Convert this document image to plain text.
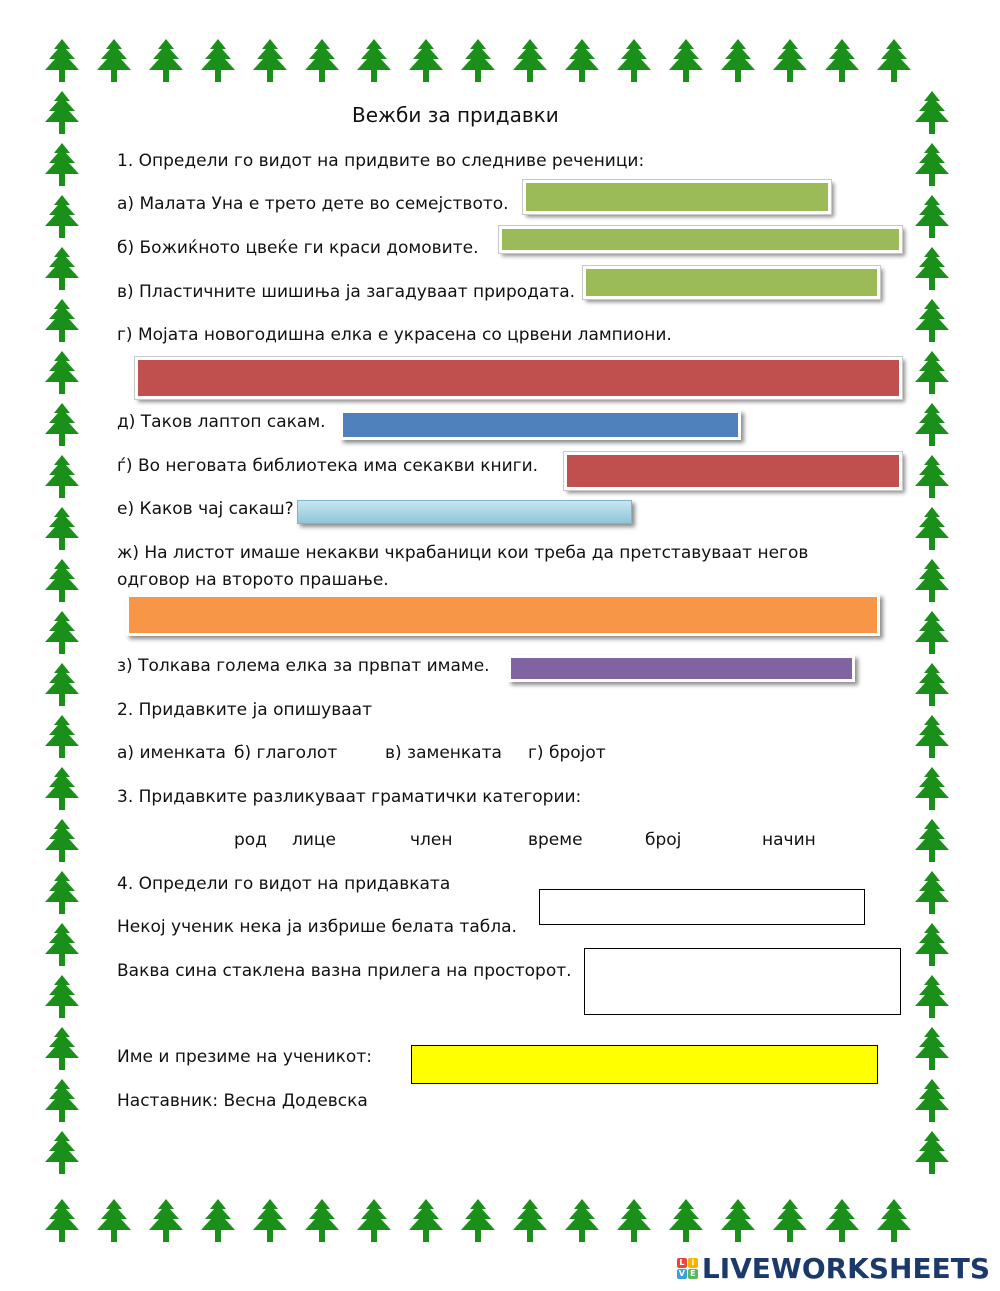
Вежби за придавки
1. Определи го видот на придвите во следниве реченици:
а) Малата Уна е трето дете во семејството.
б) Божиќното цвеќе ги краси домовите.
в) Пластичните шишиња ја загадуваат природата.
г) Мојата новогодишна елка е украсена со црвени лампиони.
д) Таков лаптоп сакам.
ѓ) Во неговата библиотека има секакви книги.
е) Каков чај сакаш?
ж) На листот имаше некакви чкрабаници кои треба да претставуваат негов
одговор на второто прашање.
з) Толкава голема елка за првпат имаме.
2. Придавките ја опишуваат
а) именката б) глаголот	в) заменката г) бројот
3. Придавките разликуваат граматички категории:
род лице	член	време	број	начин
4. Определи го видот на придавката
Некој ученик нека ја избрише белата табла.
Ваква сина стаклена вазна прилега на просторот.
Име и презиме на ученикот:
Наставник: Весна Додевска
L i
V E LIVEWORKSHEETS
